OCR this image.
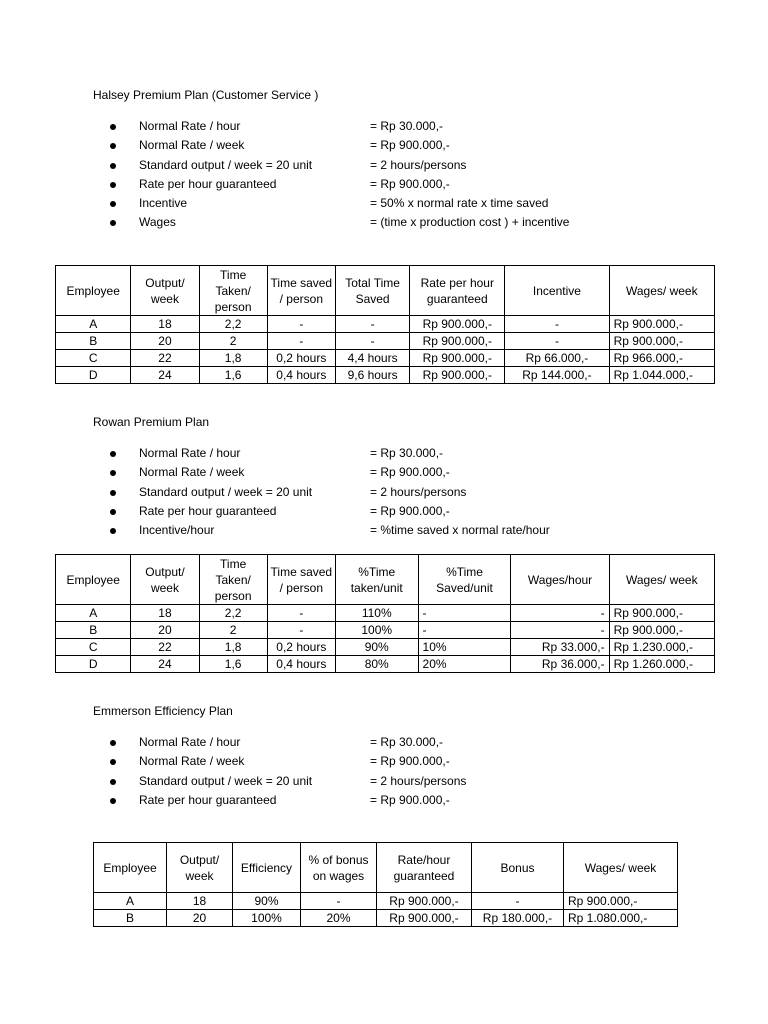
Halsey Premium Plan (Customer Service )
Normal Rate / hour	= Rp 30.000,-
Normal Rate / week	= Rp 900.000,-
Standard output / week = 20 unit	= 2 hours/persons
Rate per hour guaranteed	= Rp 900.000,-
Incentive	= 50% x normal rate x time saved
Wages	= (time x production cost ) + incentive
Employee	Output/ week	Time Taken/ person	Time saved / person	Total Time Saved	Rate per hour guaranteed	Incentive	Wages/ week
A	18	2,2	-	-	Rp 900.000,-	-	Rp 900.000,-
B	20	2	-	-	Rp 900.000,-	-	Rp 900.000,-
C	22	1,8	0,2 hours	4,4 hours	Rp 900.000,-	Rp 66.000,-	Rp 966.000,-
D	24	1,6	0,4 hours	9,6 hours	Rp 900.000,-	Rp 144.000,-	Rp 1.044.000,-
Rowan Premium Plan
Normal Rate / hour	= Rp 30.000,-
Normal Rate / week	= Rp 900.000,-
Standard output / week = 20 unit	= 2 hours/persons
Rate per hour guaranteed	= Rp 900.000,-
Incentive/hour	= %time saved x normal rate/hour
Employee	Output/ week	Time Taken/ person	Time saved / person	%Time taken/unit	%Time Saved/unit	Wages/hour	Wages/ week
A	18	2,2	-	110%	-	-	Rp 900.000,-
B	20	2	-	100%	-	-	Rp 900.000,-
C	22	1,8	0,2 hours	90%	10%	Rp 33.000,-	Rp 1.230.000,-
D	24	1,6	0,4 hours	80%	20%	Rp 36.000,-	Rp 1.260.000,-
Emmerson Efficiency Plan
Normal Rate / hour	= Rp 30.000,-
Normal Rate / week	= Rp 900.000,-
Standard output / week = 20 unit	= 2 hours/persons
Rate per hour guaranteed	= Rp 900.000,-
Employee	Output/ week	Efficiency	% of bonus on wages	Rate/hour guaranteed	Bonus	Wages/ week
A	18	90%	-	Rp 900.000,-	-	Rp 900.000,-
B	20	100%	20%	Rp 900.000,-	Rp 180.000,-	Rp 1.080.000,-
